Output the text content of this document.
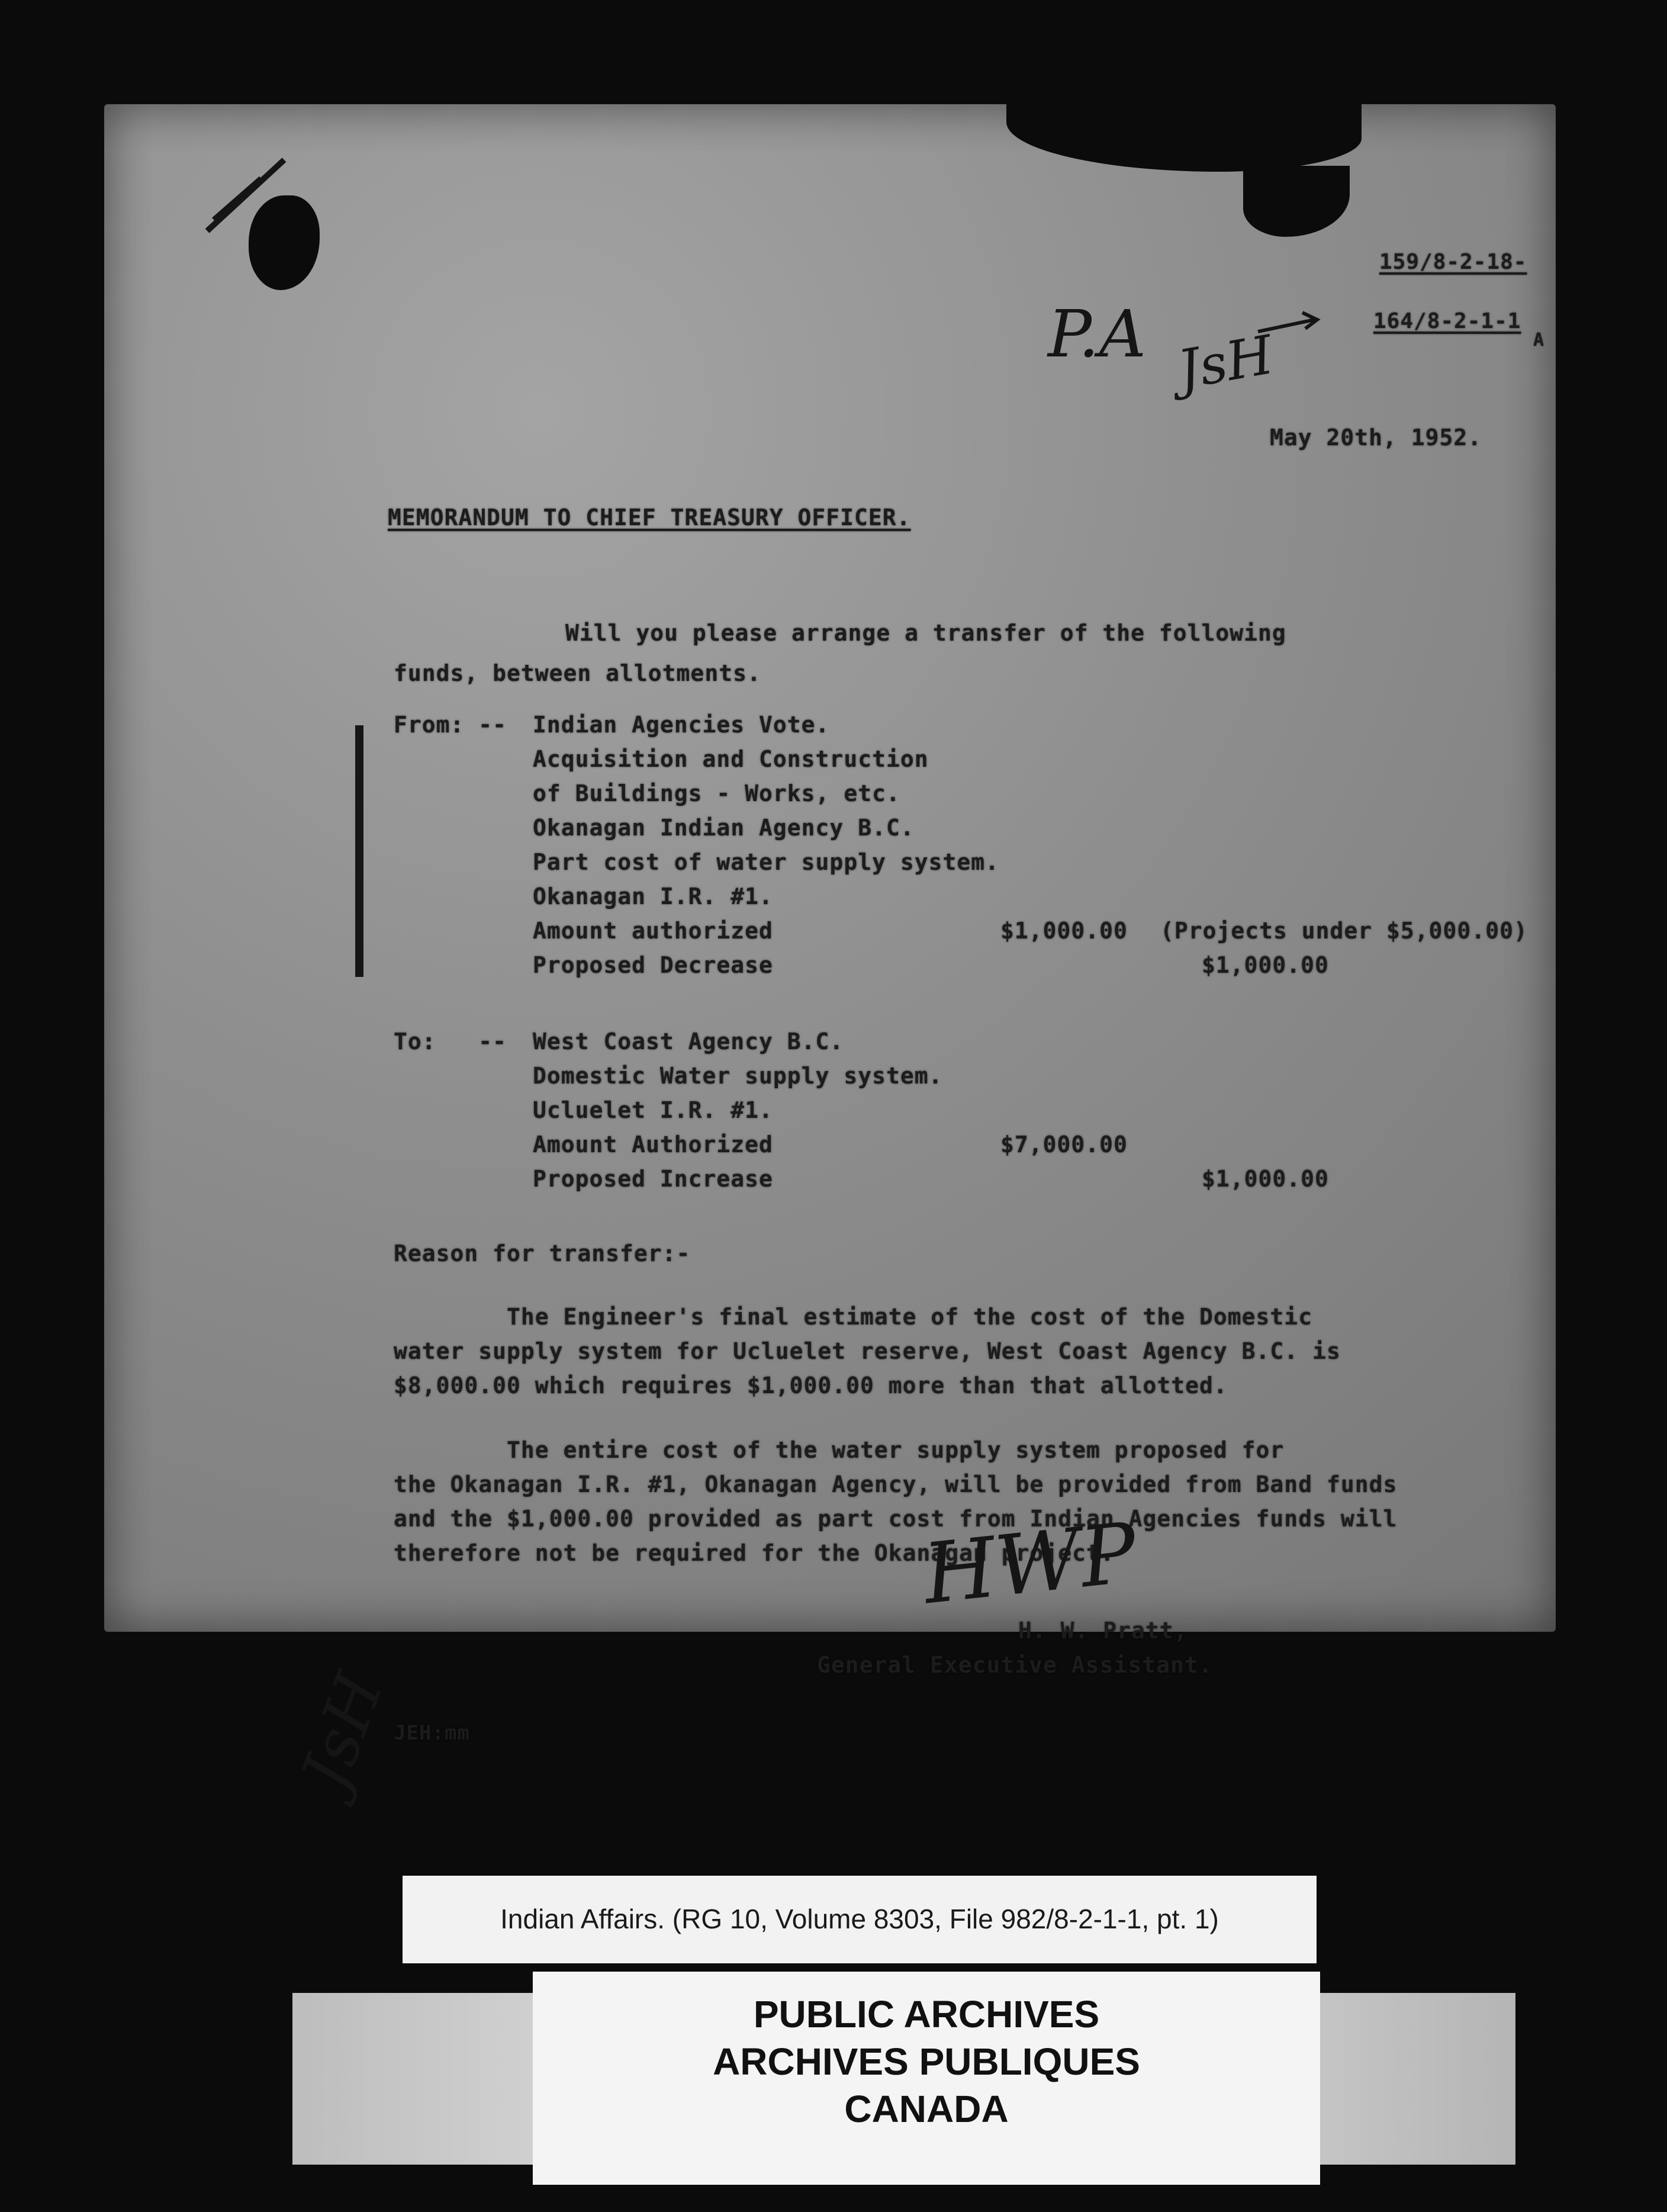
159/8-2-18-
164/8-2-1-1
A
P.A JsH
May 20th, 1952.
MEMORANDUM TO CHIEF TREASURY OFFICER.
Will you please arrange a transfer of the following
funds, between allotments.
From: -- Indian Agencies Vote.
Acquisition and Construction
of Buildings - Works, etc.
Okanagan Indian Agency B.C.
Part cost of water supply system.
Okanagan I.R. #1.
Amount authorized	$1,000.00 (Projects under $5,000.00)
Proposed Decrease	$1,000.00
To:   -- West Coast Agency B.C.
Domestic Water supply system.
Ucluelet I.R. #1.
Amount Authorized	$7,000.00
Proposed Increase	$1,000.00
Reason for transfer:-
The Engineer's final estimate of the cost of the Domestic
water supply system for Ucluelet reserve, West Coast Agency B.C. is
$8,000.00 which requires $1,000.00 more than that allotted.
The entire cost of the water supply system proposed for
the Okanagan I.R. #1, Okanagan Agency, will be provided from Band funds
and the $1,000.00 provided as part cost from Indian Agencies funds will
therefore not be required for the Okanagan project.
HWP
H. W. Pratt,
General Executive Assistant.
JsH
JEH:mm
Indian Affairs. (RG 10, Volume 8303, File 982/8-2-1-1, pt. 1)
PUBLIC ARCHIVES
ARCHIVES PUBLIQUES
CANADA
